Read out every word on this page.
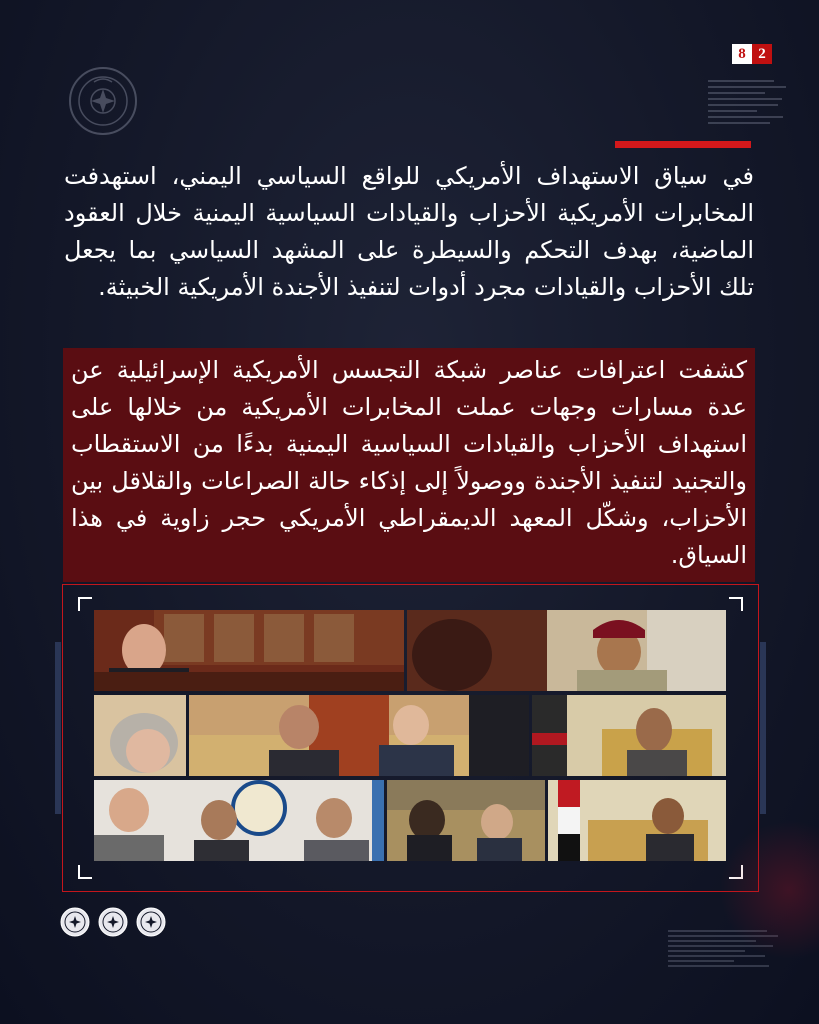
8 2
في سياق الاستهداف الأمريكي للواقع السياسي اليمني، استهدفت المخابرات الأمريكية الأحزاب والقيادات السياسية اليمنية خلال العقود الماضية، بهدف التحكم والسيطرة على المشهد السياسي بما يجعل تلك الأحزاب والقيادات مجرد أدوات لتنفيذ الأجندة الأمريكية الخبيثة.
كشفت اعترافات عناصر شبكة التجسس الأمريكية الإسرائيلية عن عدة مسارات وجهات عملت المخابرات الأمريكية من خلالها على استهداف الأحزاب والقيادات السياسية اليمنية بدءًا من الاستقطاب والتجنيد لتنفيذ الأجندة ووصولاً إلى إذكاء حالة الصراعات والقلاقل بين الأحزاب، وشكّل المعهد الديمقراطي الأمريكي حجر زاوية في هذا السياق.
